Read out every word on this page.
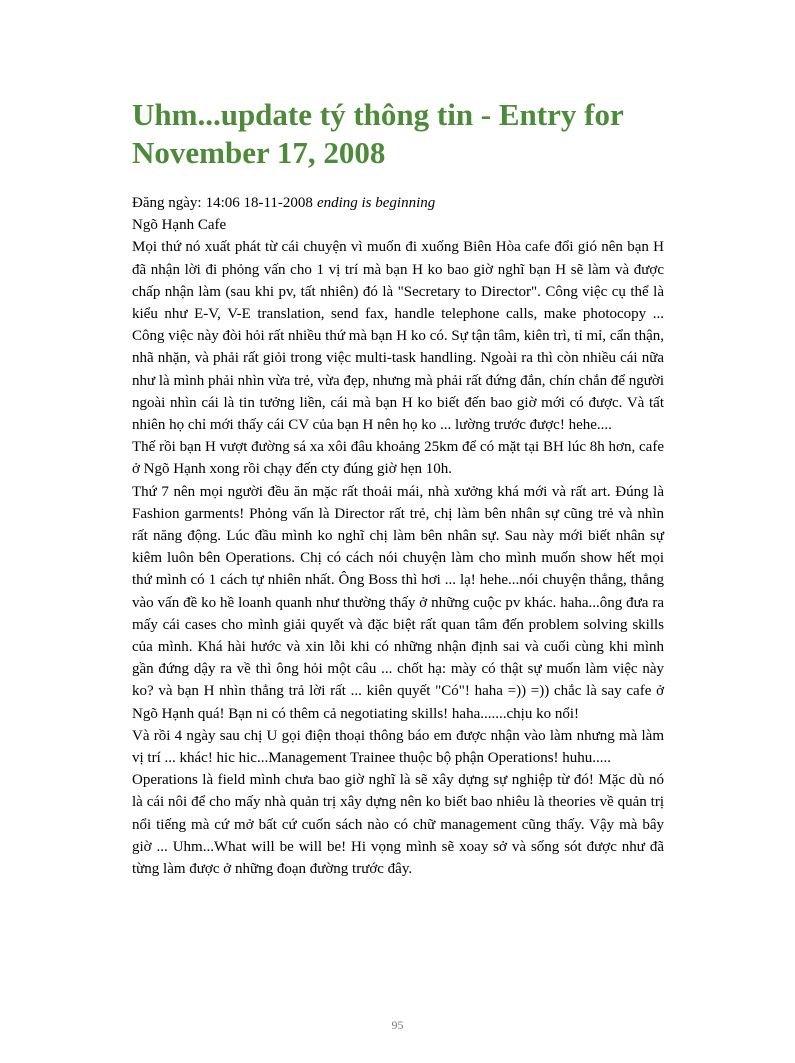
Uhm...update tý thông tin - Entry for November 17, 2008

Đăng ngày: 14:06 18-11-2008 ending is beginning

Ngõ Hạnh Cafe

Mọi thứ nó xuất phát từ cái chuyện vì muốn đi xuống Biên Hòa cafe đổi gió nên bạn H đã nhận lời đi phỏng vấn cho 1 vị trí mà bạn H ko bao giờ nghĩ bạn H sẽ làm và được chấp nhận làm (sau khi pv, tất nhiên) đó là "Secretary to Director". Công việc cụ thể là kiểu như E-V, V-E translation, send fax, handle telephone calls, make photocopy ... Công việc này đòi hỏi rất nhiều thứ mà bạn H ko có. Sự tận tâm, kiên trì, tỉ mỉ, cẩn thận, nhã nhặn, và phải rất giỏi trong việc multi-task handling. Ngoài ra thì còn nhiều cái nữa như là mình phải nhìn vừa trẻ, vừa đẹp, nhưng mà phải rất đứng đắn, chín chắn để người ngoài nhìn cái là tin tưởng liền, cái mà bạn H ko biết đến bao giờ mới có được. Và tất nhiên họ chỉ mới thấy cái CV của bạn H nên họ ko ... lường trước được! hehe....

Thế rồi bạn H vượt đường sá xa xôi đâu khoảng 25km để có mặt tại BH lúc 8h hơn, cafe ở Ngõ Hạnh xong rồi chạy đến cty đúng giờ hẹn 10h.

Thứ 7 nên mọi người đều ăn mặc rất thoải mái, nhà xưởng khá mới và rất art. Đúng là Fashion garments! Phỏng vấn là Director rất trẻ, chị làm bên nhân sự cũng trẻ và nhìn rất năng động. Lúc đầu mình ko nghĩ chị làm bên nhân sự. Sau này mới biết nhân sự kiêm luôn bên Operations. Chị có cách nói chuyện làm cho mình muốn show hết mọi thứ mình có 1 cách tự nhiên nhất. Ông Boss thì hơi ... lạ! hehe...nói chuyện thẳng, thẳng vào vấn đề ko hề loanh quanh như thường thấy ở những cuộc pv khác. haha...ông đưa ra mấy cái cases cho mình giải quyết và đặc biệt rất quan tâm đến problem solving skills của mình. Khá hài hước và xin lỗi khi có những nhận định sai và cuối cùng khi mình gần đứng dậy ra về thì ông hỏi một câu ... chốt hạ: mày có thật sự muốn làm việc này ko? và bạn H nhìn thẳng trả lời rất ... kiên quyết "Có"! haha =)) =)) chắc là say cafe ở Ngõ Hạnh quá! Bạn ni có thêm cả negotiating skills! haha.......chịu ko nổi!

Và rồi 4 ngày sau chị U gọi điện thoại thông báo em được nhận vào làm nhưng mà làm vị trí ... khác! hic hic...Management Trainee thuộc bộ phận Operations! huhu.....

Operations là field mình chưa bao giờ nghĩ là sẽ xây dựng sự nghiệp từ đó! Mặc dù nó là cái nôi để cho mấy nhà quản trị xây dựng nên ko biết bao nhiêu là theories về quản trị nổi tiếng mà cứ mở bất cứ cuốn sách nào có chữ management cũng thấy. Vậy mà bây giờ ... Uhm...What will be will be! Hi vọng mình sẽ xoay sở và sống sót được như đã từng làm được ở những đoạn đường trước đây.

95
